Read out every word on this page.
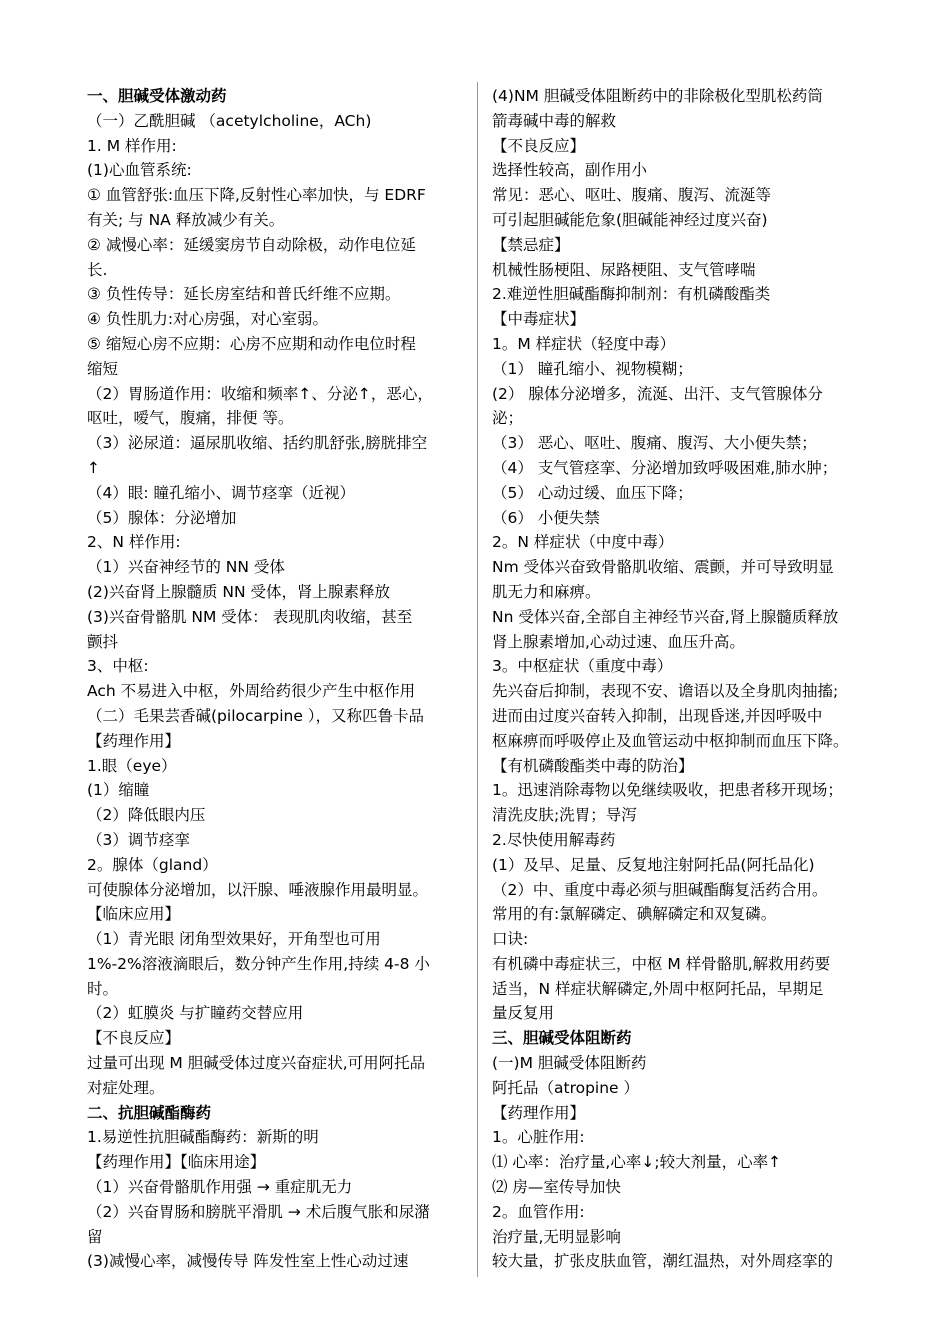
一、胆碱受体激动药
（一）乙酰胆碱 （acetylcholine，ACh)
1. M 样作用:
(1)心血管系统:
① 血管舒张:血压下降,反射性心率加快，与 EDRF
有关; 与 NA 释放减少有关。
② 减慢心率：延缓窦房节自动除极，动作电位延
长.
③ 负性传导：延长房室结和普氏纤维不应期。
④ 负性肌力:对心房强，对心室弱。
⑤ 缩短心房不应期：心房不应期和动作电位时程
缩短
（2）胃肠道作用：收缩和频率↑、分泌↑，恶心，
呕吐，嗳气，腹痛，排便 等。
（3）泌尿道：逼尿肌收缩、括约肌舒张,膀胱排空
↑
（4）眼: 瞳孔缩小、调节痉挛（近视）
（5）腺体：分泌增加
2、N 样作用:
（1）兴奋神经节的 NN 受体
(2)兴奋肾上腺髓质 NN 受体，肾上腺素释放
(3)兴奋骨骼肌 NM 受体： 表现肌肉收缩，甚至
颤抖
3、中枢:
Ach 不易进入中枢，外周给药很少产生中枢作用
（二）毛果芸香碱(pilocarpine ），又称匹鲁卡品
【药理作用】
1.眼（eye）
(1）缩瞳
（2）降低眼内压
（3）调节痉挛
2。腺体（gland）
可使腺体分泌增加，以汗腺、唾液腺作用最明显。
【临床应用】
（1）青光眼 闭角型效果好，开角型也可用
1%-2%溶液滴眼后，数分钟产生作用,持续 4-8 小
时。
（2）虹膜炎 与扩瞳药交替应用
【不良反应】
过量可出现 M 胆碱受体过度兴奋症状,可用阿托品
对症处理。
二、抗胆碱酯酶药
1.易逆性抗胆碱酯酶药：新斯的明
【药理作用】【临床用途】
（1）兴奋骨骼肌作用强 → 重症肌无力
（2）兴奋胃肠和膀胱平滑肌 → 术后腹气胀和尿潴
留
(3)减慢心率，减慢传导 阵发性室上性心动过速
(4)NM 胆碱受体阻断药中的非除极化型肌松药筒
箭毒碱中毒的解救
【不良反应】
选择性较高，副作用小
常见：恶心、呕吐、腹痛、腹泻、流涎等
可引起胆碱能危象(胆碱能神经过度兴奋)
【禁忌症】
机械性肠梗阻、尿路梗阻、支气管哮喘
2.难逆性胆碱酯酶抑制剂：有机磷酸酯类
【中毒症状】
1。M 样症状（轻度中毒）
（1） 瞳孔缩小、视物模糊；
(2） 腺体分泌增多，流涎、出汗、支气管腺体分
泌；
（3） 恶心、呕吐、腹痛、腹泻、大小便失禁；
（4） 支气管痉挛、分泌增加致呼吸困难,肺水肿；
（5） 心动过缓、血压下降；
（6） 小便失禁
2。N 样症状（中度中毒）
Nm 受体兴奋致骨骼肌收缩、震颤，并可导致明显
肌无力和麻痹。
Nn 受体兴奋,全部自主神经节兴奋,肾上腺髓质释放
肾上腺素增加,心动过速、血压升高。
3。中枢症状（重度中毒）
先兴奋后抑制，表现不安、谵语以及全身肌肉抽搐;
进而由过度兴奋转入抑制，出现昏迷,并因呼吸中
枢麻痹而呼吸停止及血管运动中枢抑制而血压下降。
【有机磷酸酯类中毒的防治】
1。迅速消除毒物以免继续吸收，把患者移开现场；
清洗皮肤;洗胃；导泻
2.尽快使用解毒药
(1）及早、足量、反复地注射阿托品(阿托品化)
（2）中、重度中毒必须与胆碱酯酶复活药合用。
常用的有:氯解磷定、碘解磷定和双复磷。
口诀:
有机磷中毒症状三，中枢 M 样骨骼肌,解救用药要
适当，N 样症状解磷定,外周中枢阿托品，早期足
量反复用
三、胆碱受体阻断药
(一)M 胆碱受体阻断药
阿托品（atropine ）
【药理作用】
1。心脏作用:
⑴ 心率：治疗量,心率↓;较大剂量，心率↑
⑵ 房—室传导加快
2。血管作用:
治疗量,无明显影响
较大量，扩张皮肤血管，潮红温热，对外周痉挛的
